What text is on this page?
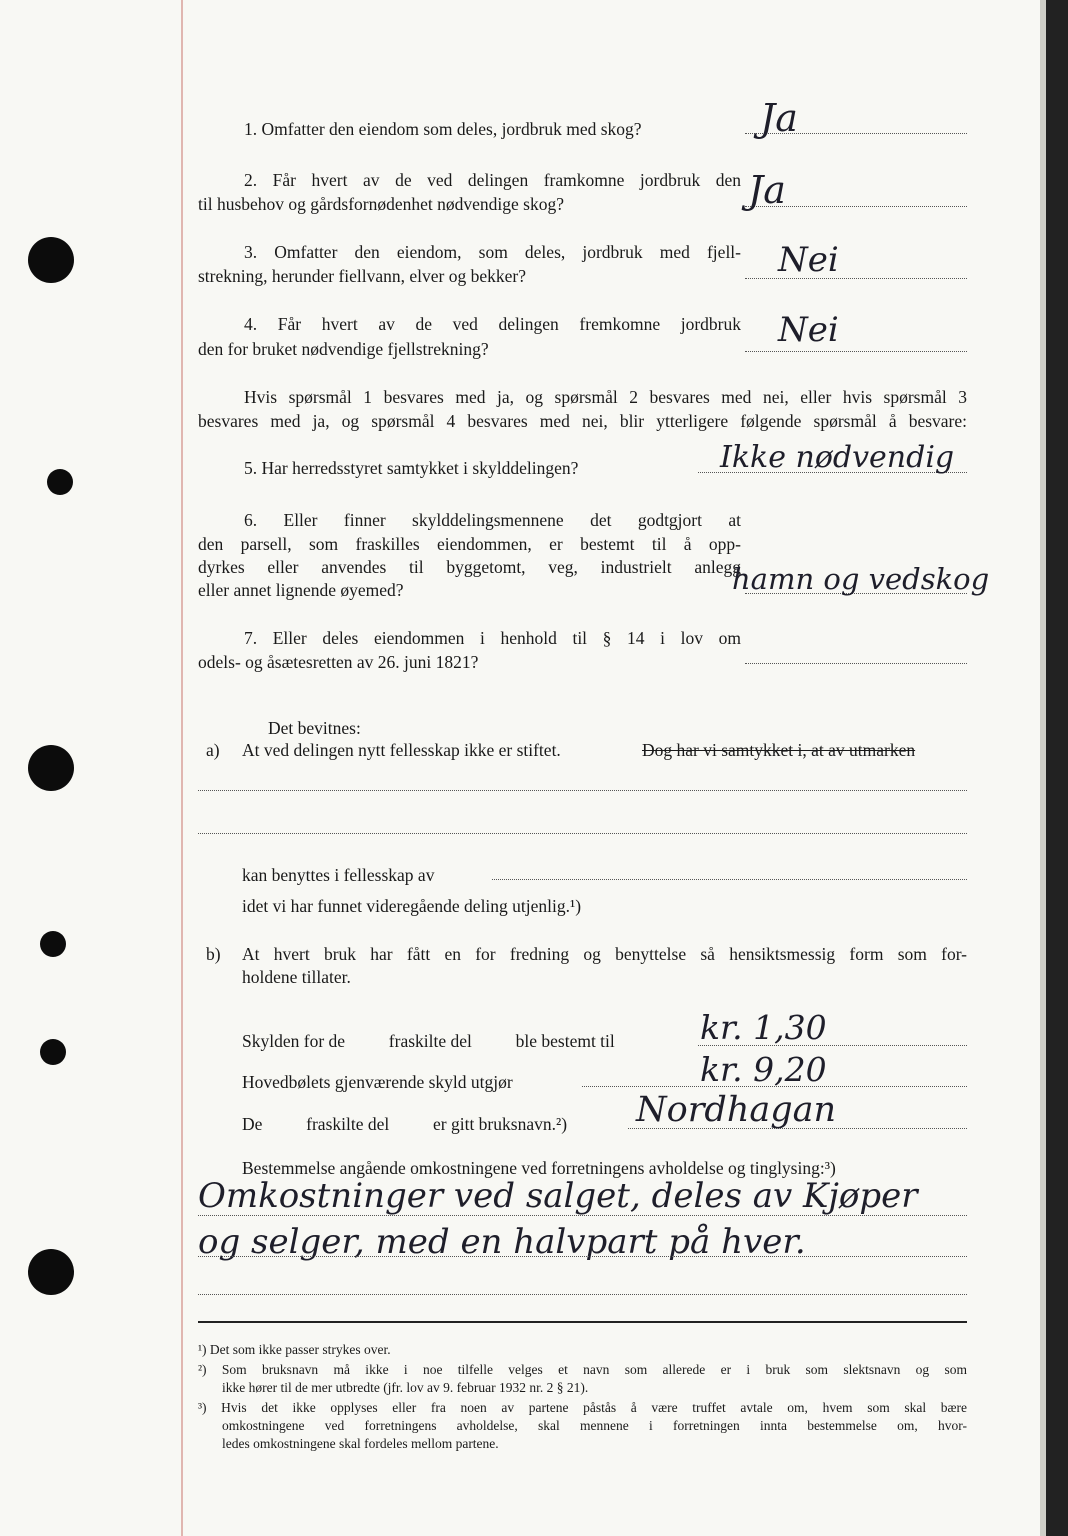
1. Omfatter den eiendom som deles, jordbruk med skog?	Ja
2. Får hvert av de ved delingen framkomne jordbruk den
til husbehov og gårdsfornødenhet nødvendige skog?	Ja
3. Omfatter den eiendom, som deles, jordbruk med fjell-
strekning, herunder fiellvann, elver og bekker?	Nei
4. Får hvert av de ved delingen fremkomne jordbruk
den for bruket nødvendige fjellstrekning?	Nei
Hvis spørsmål 1 besvares med ja, og spørsmål 2 besvares med nei, eller hvis spørsmål 3
besvares med ja, og spørsmål 4 besvares med nei, blir ytterligere følgende spørsmål å besvare:
5. Har herredsstyret samtykket i skylddelingen?	Ikke nødvendig
6. Eller finner skylddelingsmennene det godtgjort at
den parsell, som fraskilles eiendommen, er bestemt til å opp-
dyrkes eller anvendes til byggetomt, veg, industrielt anlegg
eller annet lignende øyemed?	hamn og vedskog
7. Eller deles eiendommen i henhold til § 14 i lov om
odels- og åsætesretten av 26. juni 1821?
Det bevitnes:
a) At ved delingen nytt fellesskap ikke er stiftet.	Dog har vi samtykket i, at av utmarken
kan benyttes i fellesskap av
idet vi har funnet videregående deling utjenlig.¹)
b) At hvert bruk har fått en for fredning og benyttelse så hensiktsmessig form som for-
holdene tillater.
Skylden for de          fraskilte del          ble bestemt til	kr. 1,30
Hovedbølets gjenværende skyld utgjør	kr. 9,20
De          fraskilte del          er gitt bruksnavn.²) Nordhagan
Bestemmelse angående omkostningene ved forretningens avholdelse og tinglysing:³)
Omkostninger ved salget, deles av Kjøper
og selger, med en halvpart på hver.
¹) Det som ikke passer strykes over.
²) Som bruksnavn må ikke i noe tilfelle velges et navn som allerede er i bruk som slektsnavn og som
ikke hører til de mer utbredte (jfr. lov av 9. februar 1932 nr. 2 § 21).
³) Hvis det ikke opplyses eller fra noen av partene påstås å være truffet avtale om, hvem som skal bære
omkostningene ved forretningens avholdelse, skal mennene i forretningen innta bestemmelse om, hvor-
ledes omkostningene skal fordeles mellom partene.
